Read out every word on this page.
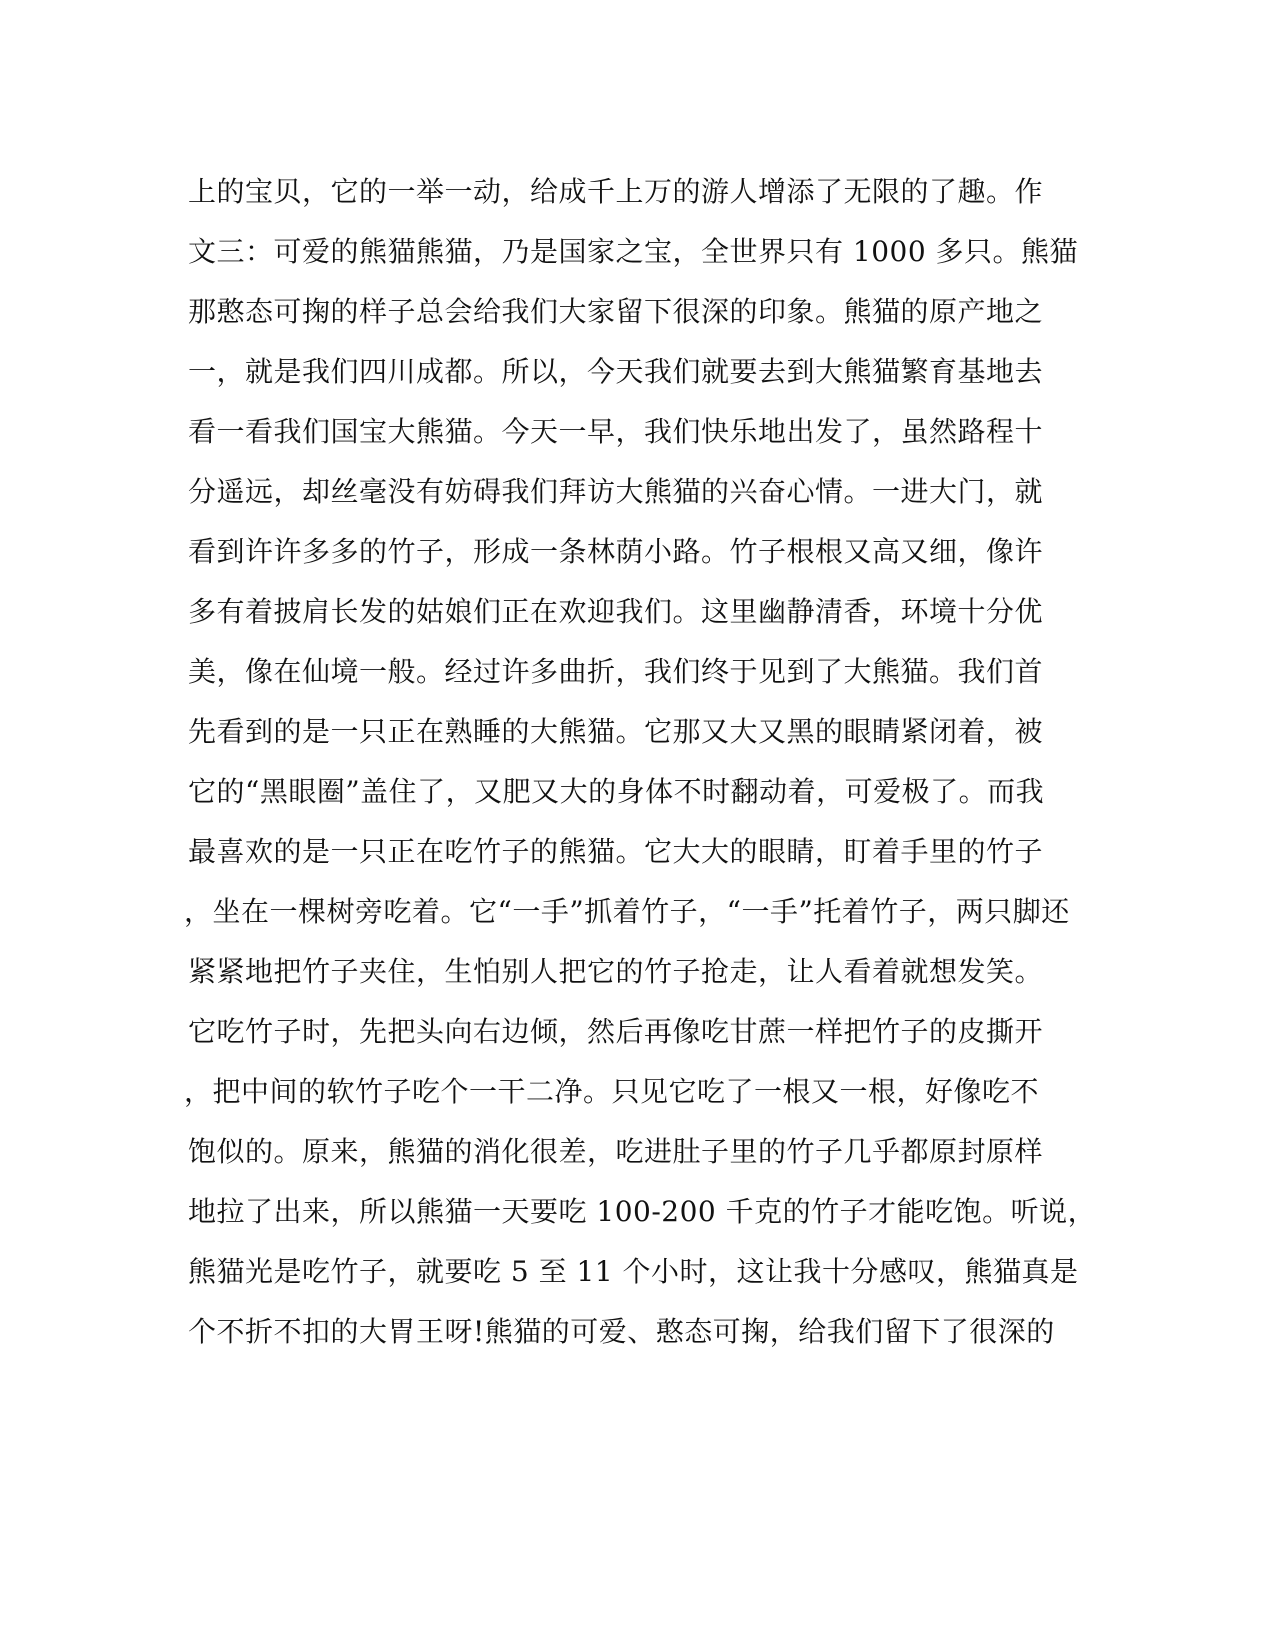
上的宝贝，它的一举一动，给成千上万的游人增添了无限的了趣。作
文三：可爱的熊猫熊猫，乃是国家之宝，全世界只有 1000 多只。熊猫
那憨态可掬的样子总会给我们大家留下很深的印象。熊猫的原产地之
一，就是我们四川成都。所以，今天我们就要去到大熊猫繁育基地去
看一看我们国宝大熊猫。今天一早，我们快乐地出发了，虽然路程十
分遥远，却丝毫没有妨碍我们拜访大熊猫的兴奋心情。一进大门，就
看到许许多多的竹子，形成一条林荫小路。竹子根根又高又细，像许
多有着披肩长发的姑娘们正在欢迎我们。这里幽静清香，环境十分优
美，像在仙境一般。经过许多曲折，我们终于见到了大熊猫。我们首
先看到的是一只正在熟睡的大熊猫。它那又大又黑的眼睛紧闭着，被
它的“黑眼圈”盖住了，又肥又大的身体不时翻动着，可爱极了。而我
最喜欢的是一只正在吃竹子的熊猫。它大大的眼睛，盯着手里的竹子
，坐在一棵树旁吃着。它“一手”抓着竹子，“一手”托着竹子，两只脚还
紧紧地把竹子夹住，生怕别人把它的竹子抢走，让人看着就想发笑。
它吃竹子时，先把头向右边倾，然后再像吃甘蔗一样把竹子的皮撕开
，把中间的软竹子吃个一干二净。只见它吃了一根又一根，好像吃不
饱似的。原来，熊猫的消化很差，吃进肚子里的竹子几乎都原封原样
地拉了出来，所以熊猫一天要吃 100-200 千克的竹子才能吃饱。听说，
熊猫光是吃竹子，就要吃 5 至 11 个小时，这让我十分感叹，熊猫真是
个不折不扣的大胃王呀!熊猫的可爱、憨态可掬，给我们留下了很深的
